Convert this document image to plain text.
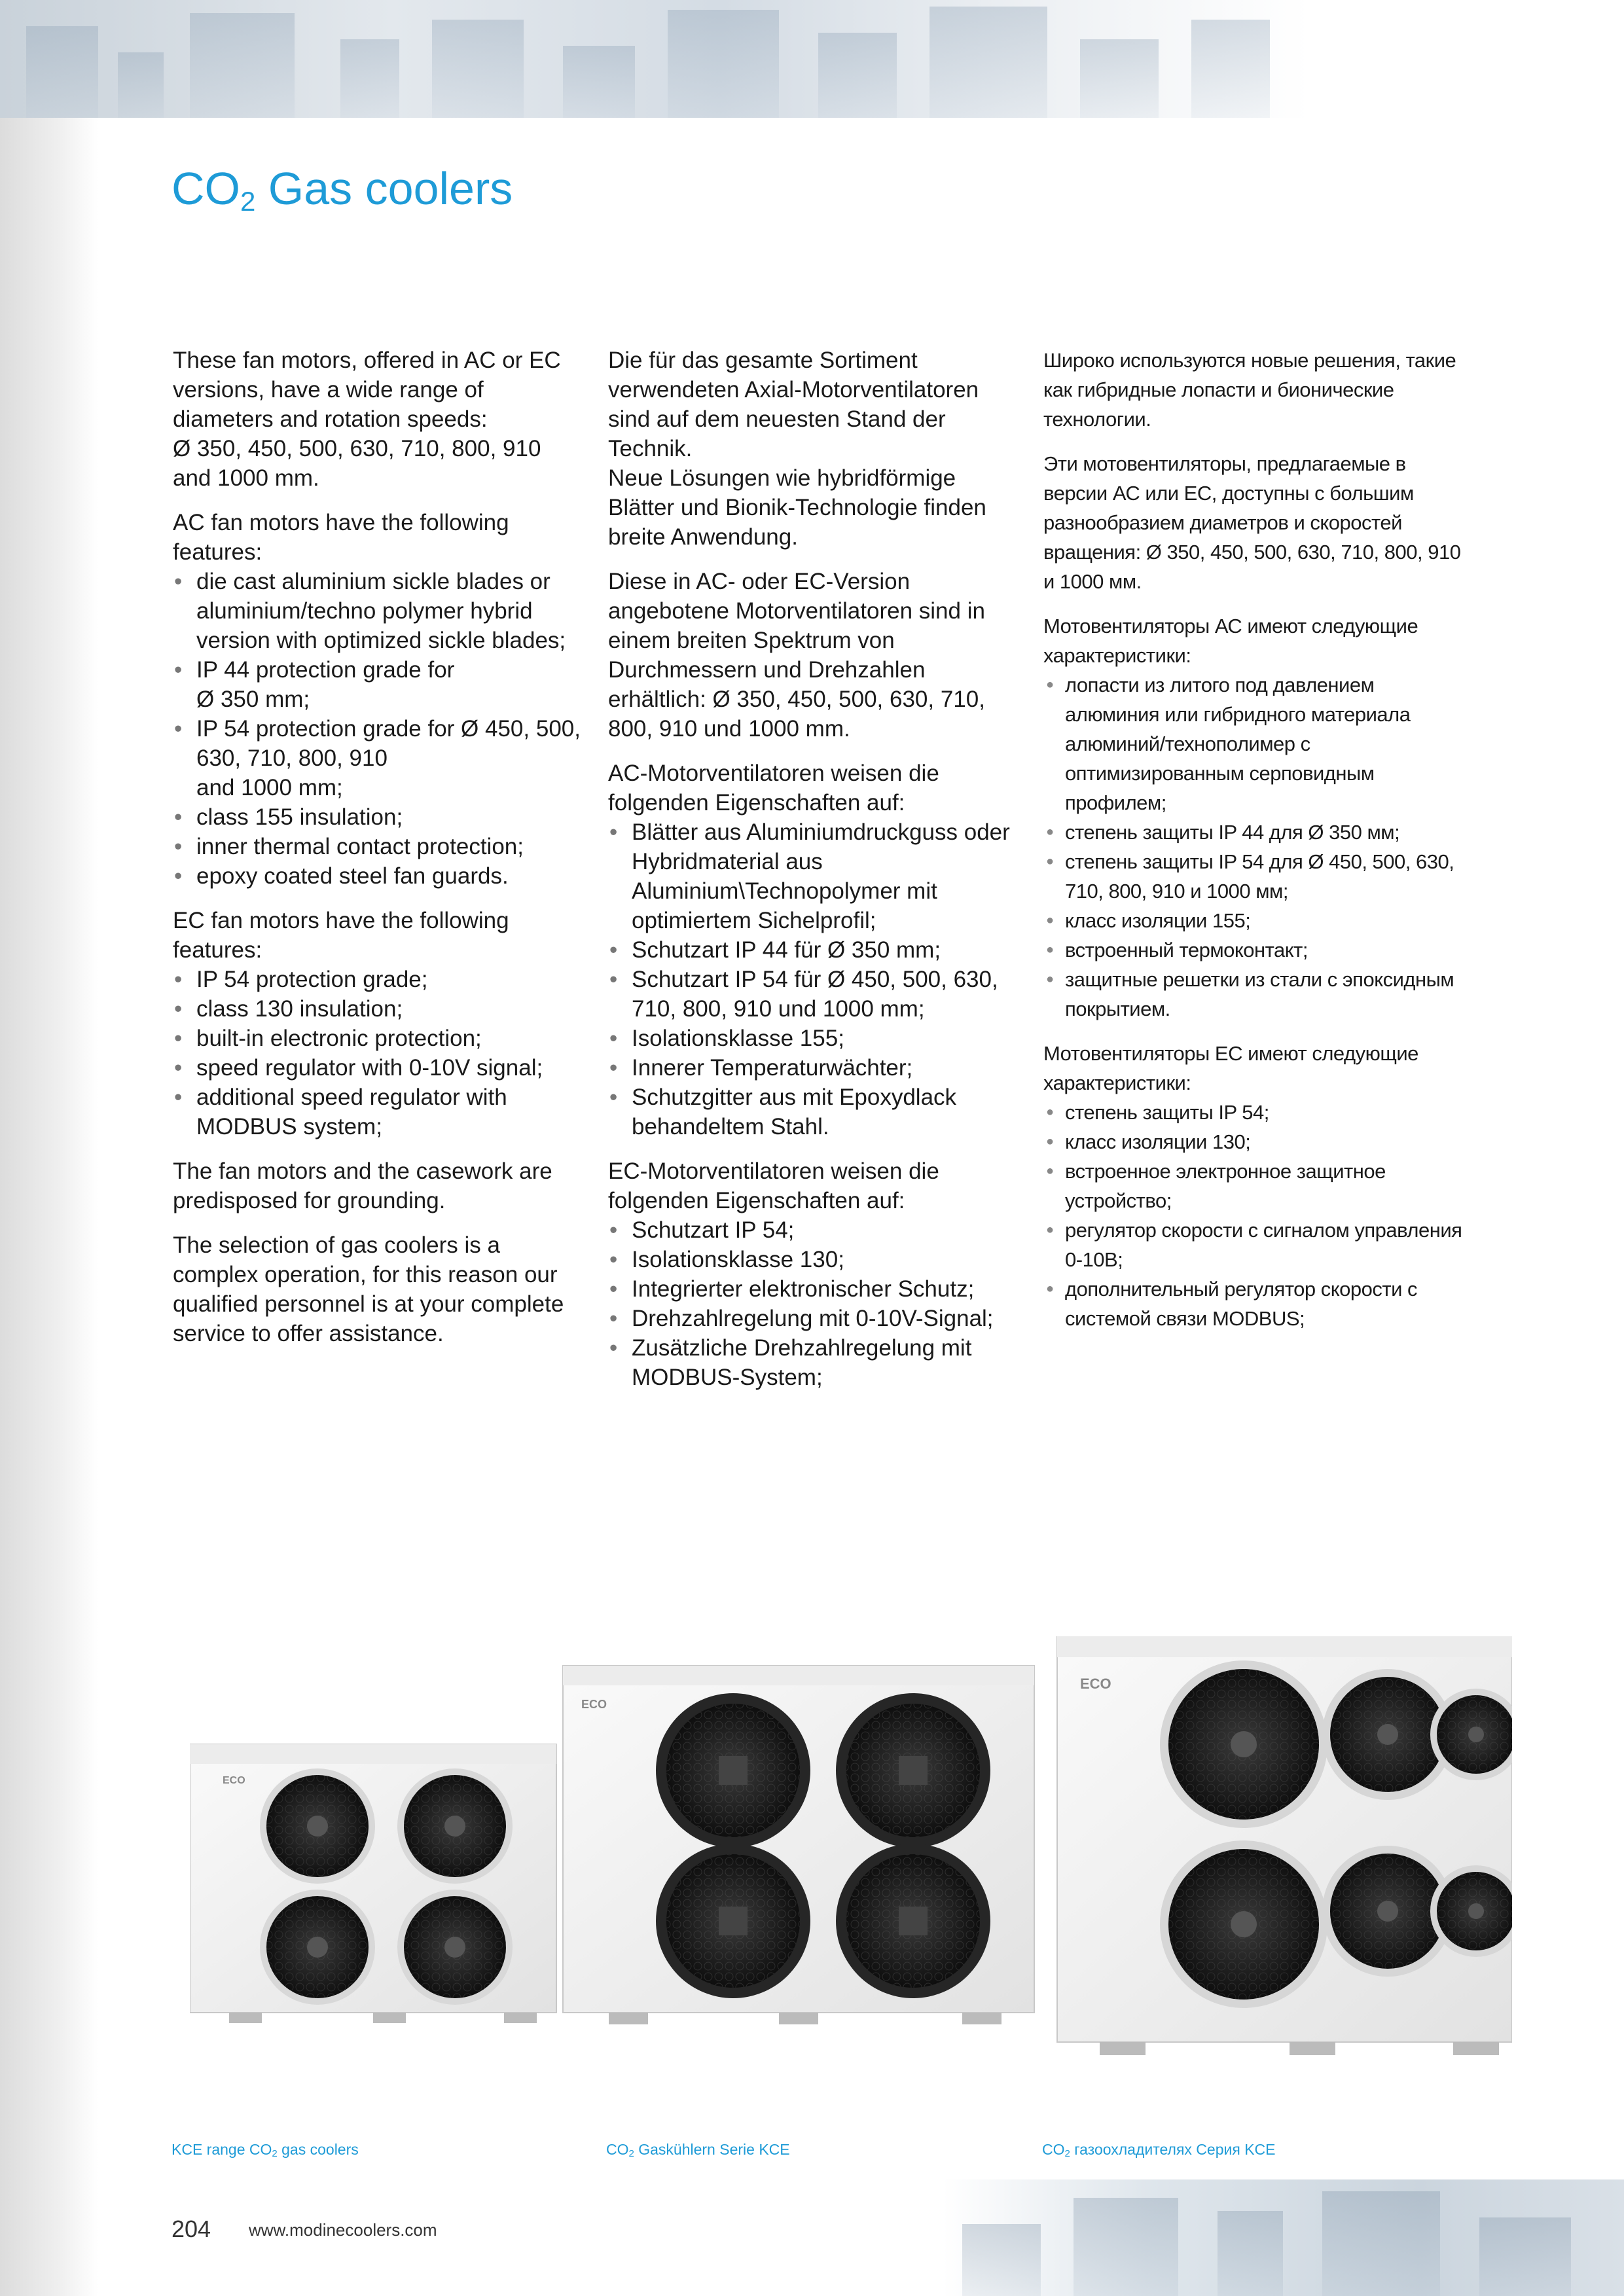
$CO_2$ Gas coolers

These fan motors, offered in AC or EC versions, have a wide range of diameters and rotation speeds:
Ø 350, 450, 500, 630, 710, 800, 910 and 1000 mm.

AC fan motors have the following features:

• die cast aluminium sickle blades or aluminium/techno polymer hybrid version with optimized sickle blades;
• IP 44 protection grade for
Ø 350 mm;
• IP 54 protection grade for Ø 450, 500, 630, 710, 800, 910
and 1000 mm;
• class 155 insulation;
• inner thermal contact protection;
• epoxy coated steel fan guards.

EC fan motors have the following features:

• IP 54 protection grade;
• class 130 insulation;
• built-in electronic protection;
• speed regulator with 0-10V signal;
• additional speed regulator with MODBUS system;

The fan motors and the casework are predisposed for grounding.

The selection of gas coolers is a complex operation, for this reason our qualified personnel is at your complete service to offer assistance.

Die für das gesamte Sortiment verwendeten Axial-Motorventilatoren sind auf dem neuesten Stand der Technik.
Neue Lösungen wie hybridförmige Blätter und Bionik-Technologie finden breite Anwendung.

Diese in AC- oder EC-Version angebotene Motorventilatoren sind in einem breiten Spektrum von Durchmessern und Drehzahlen erhältlich: Ø 350, 450, 500, 630, 710, 800, 910 und 1000 mm.

AC-Motorventilatoren weisen die folgenden Eigenschaften auf:

• Blätter aus Aluminiumdruckguss oder Hybridmaterial aus Aluminium\Technopolymer mit optimiertem Sichelprofil;
• Schutzart IP 44 für Ø 350 mm;
• Schutzart IP 54 für Ø 450, 500, 630, 710, 800, 910 und 1000 mm;
• Isolationsklasse 155;
• Innerer Temperaturwächter;
• Schutzgitter aus mit Epoxydlack behandeltem Stahl.

EC-Motorventilatoren weisen die folgenden Eigenschaften auf:

• Schutzart IP 54;
• Isolationsklasse 130;
• Integrierter elektronischer Schutz;
• Drehzahlregelung mit 0-10V-Signal;
• Zusätzliche Drehzahlregelung mit MODBUS-System;

Широко используются новые решения, такие как гибридные лопасти и бионические технологии.

Эти мотовентиляторы, предлагаемые в версии АС или ЕС, доступны с большим разнообразием диаметров и скоростей вращения: Ø 350, 450, 500, 630, 710, 800, 910 и 1000 мм.

Мотовентиляторы АС имеют следующие характеристики:

● лопасти из литого под давлением алюминия или гибридного материала алюминий/технополимер с оптимизированным серповидным профилем;
● степень защиты IP 44 для Ø 350 мм;
● степень защиты IP 54 для Ø 450, 500, 630, 710, 800, 910 и 1000 мм;
● класс изоляции 155;
● встроенный термоконтакт;
● защитные решетки из стали с эпоксидным покрытием.

Мотовентиляторы ЕС имеют следующие характеристики:

● степень защиты IP 54;
● класс изоляции 130;
● встроенное электронное защитное устройство;
● регулятор скорости с сигналом управления 0-10В;
● дополнительный регулятор скорости с системой связи MODBUS;
ECO
ECO
ECO
KCE range $CO_2$ gas coolers	$CO_2$ Gaskühlern Serie KCE	$CO_2$ газоохладителях Серия KCE
204 www.modinecoolers.com
